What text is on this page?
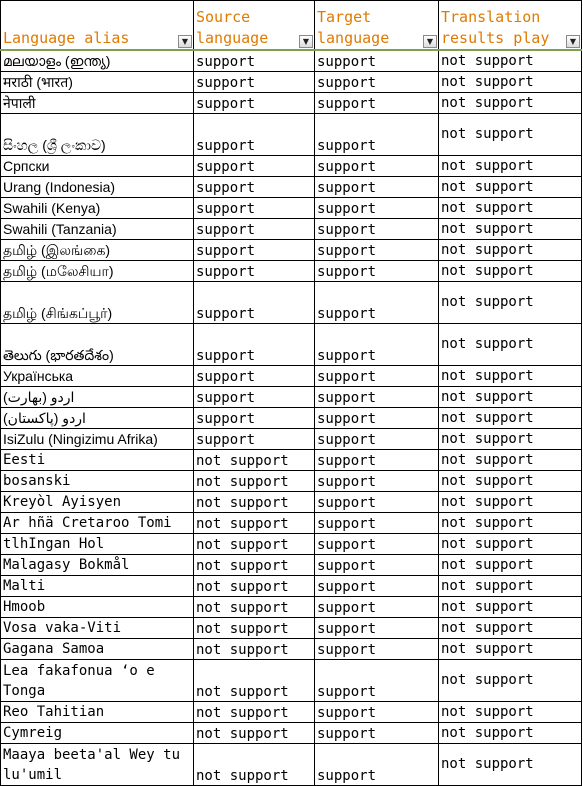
Language alias ▼	Source language ▼	Target language ▼	Translation results play ▼

മലയാളം (ഇന്ത്യ)	support	support	not support
मराठी (भारत)	support	support	not support
नेपाली	support	support	not support
සිංහල (ශ්‍රී ලංකාව)	support	support	not support
Српски	support	support	not support
Urang (Indonesia)	support	support	not support
Swahili (Kenya)	support	support	not support
Swahili (Tanzania)	support	support	not support
தமிழ் (இலங்கை)	support	support	not support
தமிழ் (மலேசியா)	support	support	not support
தமிழ் (சிங்கப்பூர்)	support	support	not support
తెలుగు (భారతదేశం)	support	support	not support
Українська	support	support	not support
اردو (بھارت)	support	support	not support
اردو (پاکستان)	support	support	not support
IsiZulu (Ningizimu Afrika)	support	support	not support
Eesti	not support	support	not support
bosanski	not support	support	not support
Kreyòl Ayisyen	not support	support	not support
Ar hñä Cretaroo Tomi	not support	support	not support
tlhIngan Hol	not support	support	not support
Malagasy Bokmål	not support	support	not support
Malti	not support	support	not support
Hmoob	not support	support	not support
Vosa vaka-Viti	not support	support	not support
Gagana Samoa	not support	support	not support
Lea fakafonua ʻo e Tonga	not support	support	not support
Reo Tahitian	not support	support	not support
Cymreig	not support	support	not support
Maaya beeta'al Wey tu lu'umil	not support	support	not support
